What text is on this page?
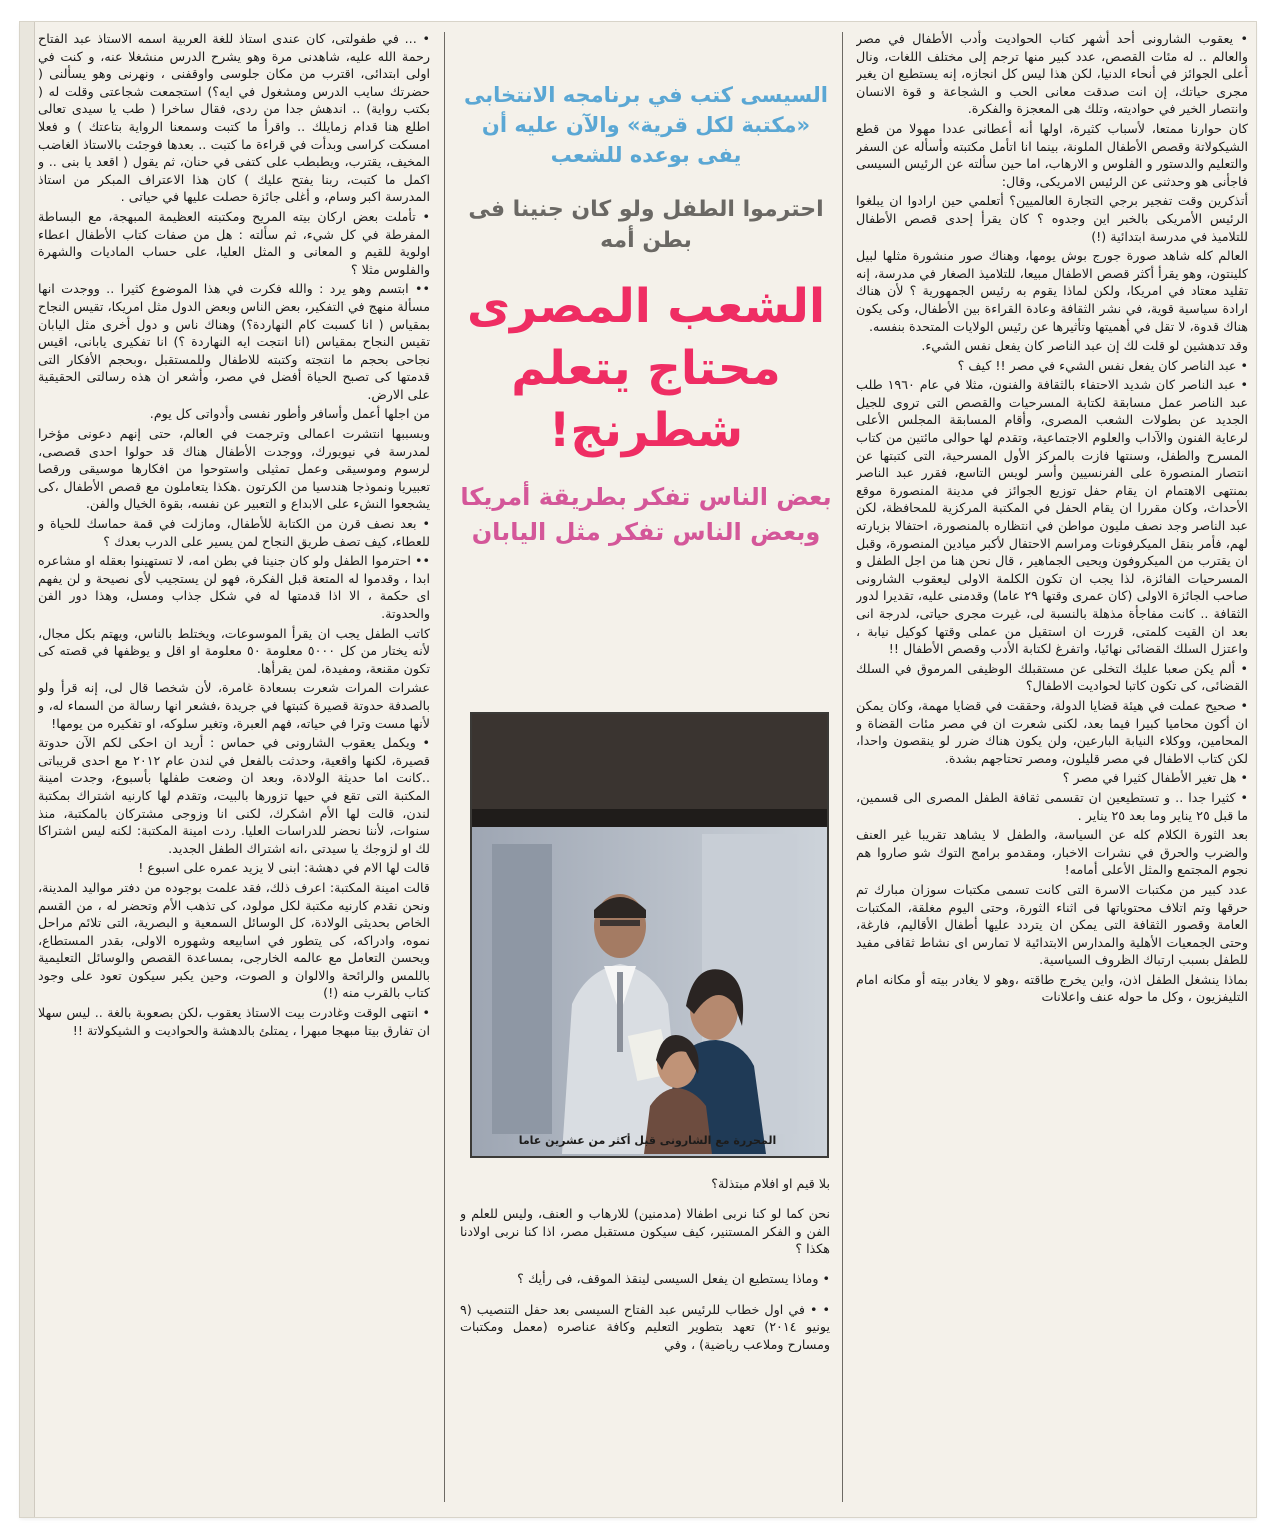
• يعقوب الشارونى أحد أشهر كتاب الحواديت وأدب الأطفال في مصر والعالم .. له مئات القصص، عدد كبير منها ترجم إلى مختلف اللغات، ونال أعلى الجوائز في أنحاء الدنيا، لكن هذا ليس كل انجازه، إنه يستطيع ان يغير مجرى حياتك، إن انت صدقت معانى الحب و الشجاعة و قوة الانسان وانتصار الخير في حواديته، وتلك هى المعجزة والفكرة.

كان حوارنا ممتعا، لأسباب كثيرة، اولها أنه أعطانى عددا مهولا من قطع الشيكولاتة وقصص الأطفال الملونة، بينما انا اتأمل مكتبته وأسأله عن السفر والتعليم والدستور و الفلوس و الارهاب، اما حين سألته عن الرئيس السيسى فاجأنى هو وحدثنى عن الرئيس الامريكى، وقال:

أتذكرين وقت تفجير برجي التجارة العالميين؟ أتعلمي حين ارادوا ان يبلغوا الرئيس الأمريكى بالخبر اين وجدوه ؟ كان يقرأ إحدى قصص الأطفال للتلاميذ في مدرسة ابتدائية (!)

العالم كله شاهد صورة جورج بوش يومها، وهناك صور منشورة مثلها لبيل كلينتون، وهو يقرأ أكثر قصص الاطفال مبيعا، للتلاميذ الصغار في مدرسة، إنه تقليد معتاد في امريكا، ولكن لماذا يقوم به رئيس الجمهورية ؟ لأن هناك ارادة سياسية قوية، في نشر الثقافة وعادة القراءة بين الأطفال، وكى يكون هناك قدوة، لا تقل في أهميتها وتأثيرها عن رئيس الولايات المتحدة بنفسه.

وقد تدهشين لو قلت لك إن عبد الناصر كان يفعل نفس الشيء.

• عبد الناصر كان يفعل نفس الشيء في مصر !! كيف ؟

• عبد الناصر كان شديد الاحتفاء بالثقافة والفنون، مثلا في عام ١٩٦٠ طلب عبد الناصر عمل مسابقة لكتابة المسرحيات والقصص التى تروى للجيل الجديد عن بطولات الشعب المصرى، وأقام المسابقة المجلس الأعلى لرعاية الفنون والآداب والعلوم الاجتماعية، وتقدم لها حوالى مائتين من كتاب المسرح والطفل، وسنتها فازت بالمركز الأول المسرحية، التى كتبتها عن انتصار المنصورة على الفرنسيين وأسر لويس التاسع، فقرر عبد الناصر بمنتهى الاهتمام ان يقام حفل توزيع الجوائز في مدينة المنصورة موقع الأحداث، وكان مقررا ان يقام الحفل في المكتبة المركزية للمحافظة، لكن عبد الناصر وجد نصف مليون مواطن في انتظاره بالمنصورة، احتفالا بزيارته لهم، فأمر بنقل الميكرفونات ومراسم الاحتفال لأكبر ميادين المنصورة، وقبل ان يقترب من الميكروفون ويحيى الجماهير ، قال نحن هنا من اجل الطفل و المسرحيات الفائزة، لذا يجب ان تكون الكلمة الاولى ليعقوب الشارونى صاحب الجائزة الاولى (كان عمرى وقتها ٢٩ عاما) وقدمنى عليه، تقديرا لدور الثقافة .. كانت مفاجأة مذهلة بالنسبة لى، غيرت مجرى حياتى، لدرجة انى بعد ان القيت كلمتى، قررت ان استقيل من عملى وقتها كوكيل نيابة ، واعتزل السلك القضائى نهائيا، واتفرغ لكتابة الأدب وقصص الأطفال !!

• ألم يكن صعبا عليك التخلى عن مستقبلك الوظيفى المرموق في السلك القضائى، كى تكون كاتبا لحواديت الاطفال؟

• صحيح عملت في هيئة قضايا الدولة، وحققت في قضايا مهمة، وكان يمكن ان أكون محاميا كبيرا فيما بعد، لكنى شعرت ان في مصر مئات القضاة و المحامين، ووكلاء النيابة البارعين، ولن يكون هناك ضرر لو ينقصون واحدا، لكن كتاب الاطفال في مصر قليلون، ومصر تحتاجهم بشدة.

• هل تغير الأطفال كثيرا في مصر ؟

• كثيرا جدا .. و تستطيعين ان تقسمى ثقافة الطفل المصرى الى قسمين، ما قبل ٢٥ يناير وما بعد ٢٥ يناير .

بعد الثورة الكلام كله عن السياسة، والطفل لا يشاهد تقريبا غير العنف والضرب والحرق في نشرات الاخبار، ومقدمو برامج التوك شو صاروا هم نجوم المجتمع والمثل الأعلى أمامه!

عدد كبير من مكتبات الاسرة التى كانت تسمى مكتبات سوزان مبارك تم حرقها وتم اتلاف محتوياتها فى اثناء الثورة، وحتى اليوم مغلقة، المكتبات العامة وقصور الثقافة التى يمكن ان يتردد عليها أطفال الأقاليم، فارغة، وحتى الجمعيات الأهلية والمدارس الابتدائية لا تمارس اى نشاط ثقافى مفيد للطفل بسبب ارتباك الظروف السياسية.

بماذا ينشغل الطفل اذن، واين يخرج طاقته ،وهو لا يغادر بيته أو مكانه امام التليفزيون ، وكل ما حوله عنف واعلانات

السيسى كتب في برنامجه الانتخابى «مكتبة لكل قرية» والآن عليه أن يفى بوعده للشعب
احترموا الطفل ولو كان جنينا فى بطن أمه
الشعب المصرى محتاج يتعلم شطرنج!
بعض الناس تفكر بطريقة أمريكا وبعض الناس تفكر مثل اليابان
المحررة مع الشارونى قبل أكثر من عشرين عاما

بلا قيم او افلام مبتذلة؟

نحن كما لو كنا نربى اطفالا (مدمنين) للارهاب و العنف، وليس للعلم و الفن و الفكر المستنير، كيف سيكون مستقبل مصر، اذا كنا نربى اولادنا هكذا ؟

• وماذا يستطيع ان يفعل السيسى لينقذ الموقف، فى رأيك ؟

• • في اول خطاب للرئيس عبد الفتاح السيسى بعد حفل التنصيب (٩ يونيو ٢٠١٤) تعهد بتطوير التعليم وكافة عناصره (معمل ومكتبات ومسارح وملاعب رياضية) ، وفي

• ... في طفولتى، كان عندى استاذ للغة العربية اسمه الاستاذ عبد الفتاح رحمة الله عليه، شاهدنى مرة وهو يشرح الدرس منشغلا عنه، و كنت في اولى ابتدائى، اقترب من مكان جلوسى واوقفنى ، ونهرنى وهو يسألنى ( حضرتك سايب الدرس ومشغول في ايه؟) استجمعت شجاعتى وقلت له ( بكتب رواية) .. اندهش جدا من ردى، فقال ساخرا ( طب يا سيدى تعالى اطلع هنا قدام زمايلك .. واقرأ ما كتبت وسمعنا الرواية بتاعتك ) و فعلا امسكت كراسى وبدأت في قراءة ما كتبت .. بعدها فوجئت بالاستاذ الغاضب المخيف، يقترب، ويطبطب على كتفى في حنان، ثم يقول ( اقعد يا بنى .. و اكمل ما كتبت، ربنا يفتح عليك ) كان هذا الاعتراف المبكر من استاذ المدرسة اكبر وسام، و أغلى جائزة حصلت عليها في حياتى .

• تأملت بعض اركان بيته المريح ومكتبته العظيمة المبهجة، مع البساطة المفرطة في كل شيء، ثم سألته : هل من صفات كتاب الأطفال اعطاء اولوية للقيم و المعانى و المثل العليا، على حساب الماديات والشهرة والفلوس مثلا ؟

•• ابتسم وهو يرد : والله فكرت في هذا الموضوع كثيرا .. ووجدت انها مسألة منهج في التفكير، بعض الناس وبعض الدول مثل امريكا، تقيس النجاح بمقياس ( انا كسبت كام النهاردة؟) وهناك ناس و دول أخرى مثل اليابان تقيس النجاح بمقياس (انا انتجت ايه النهاردة ؟) انا تفكيرى يابانى، اقيس نجاحى بحجم ما انتجته وكتبته للاطفال وللمستقبل ،وبحجم الأفكار التى قدمتها كى تصبح الحياة أفضل في مصر، وأشعر ان هذه رسالتى الحقيقية على الارض.

من اجلها أعمل وأسافر وأطور نفسى وأدواتى كل يوم.

وبسببها انتشرت اعمالى وترجمت في العالم، حتى إنهم دعونى مؤخرا لمدرسة في نيويورك، ووجدت الأطفال هناك قد حولوا احدى قصصى، لرسوم وموسيقى وعمل تمثيلى واستوحوا من افكارها موسيقى ورقصا تعبيريا ونموذجا هندسيا من الكرتون .هكذا يتعاملون مع قصص الأطفال ،كى يشجعوا النشء على الابداع و التعبير عن نفسه، بقوة الخيال والفن.

• بعد نصف قرن من الكتابة للأطفال، ومازلت في قمة حماسك للحياة و للعطاء، كيف تصف طريق النجاح لمن يسير على الدرب بعدك ؟

•• احترموا الطفل ولو كان جنينا في بطن امه، لا تستهينوا بعقله او مشاعره ابدا ، وقدموا له المتعة قبل الفكرة، فهو لن يستجيب لأى نصيحة و لن يفهم اى حكمة ، الا اذا قدمتها له في شكل جذاب ومسل، وهذا دور الفن والحدوتة.

كاتب الطفل يجب ان يقرأ الموسوعات، ويختلط بالناس، ويهتم بكل مجال، لأنه يختار من كل ٥٠٠٠ معلومة ٥٠ معلومة او اقل و يوظفها في قصته كى تكون مقنعة، ومفيدة، لمن يقرأها.

عشرات المرات شعرت بسعادة غامرة، لأن شخصا قال لى، إنه قرأ ولو بالصدفة حدوتة قصيرة كتبتها في جريدة ،فشعر انها رسالة من السماء له، و لأنها مست وترا في حياته، فهم العبرة، وتغير سلوكه، او تفكيره من يومها!

• ويكمل يعقوب الشارونى في حماس : أريد ان احكى لكم الآن حدوتة قصيرة، لكنها واقعية، وحدثت بالفعل في لندن عام ٢٠١٢ مع احدى قريباتى ..كانت اما حديثة الولادة، وبعد ان وضعت طفلها بأسبوع، وجدت امينة المكتبة التى تقع في حيها تزورها بالبيت، وتقدم لها كارنيه اشتراك بمكتبة لندن، قالت لها الأم اشكرك، لكنى انا وزوجى مشتركان بالمكتبة، منذ سنوات، لأننا نحضر للدراسات العليا. ردت امينة المكتبة: لكنه ليس اشتراكا لك او لزوجك يا سيدتى ،انه اشتراك الطفل الجديد.

قالت لها الام في دهشة: ابنى لا يزيد عمره على اسبوع !

قالت امينة المكتبة: اعرف ذلك، فقد علمت بوجوده من دفتر مواليد المدينة، ونحن نقدم كارنيه مكتبة لكل مولود، كى تذهب الأم وتحضر له ، من القسم الخاص بحديثى الولادة، كل الوسائل السمعية و البصرية، التى تلائم مراحل نموه، وادراكه، كى يتطور في اسابيعه وشهوره الاولى، بقدر المستطاع، ويحسن التعامل مع عالمه الخارجى، بمساعدة القصص والوسائل التعليمية باللمس والرائحة والالوان و الصوت، وحين يكبر سيكون تعود على وجود كتاب بالقرب منه (!)

• انتهى الوقت وغادرت بيت الاستاذ يعقوب ،لكن بصعوبة بالغة .. ليس سهلا ان تفارق بيتا مبهجا مبهرا ، يمتلئ بالدهشة والحواديت و الشيكولاتة !!
